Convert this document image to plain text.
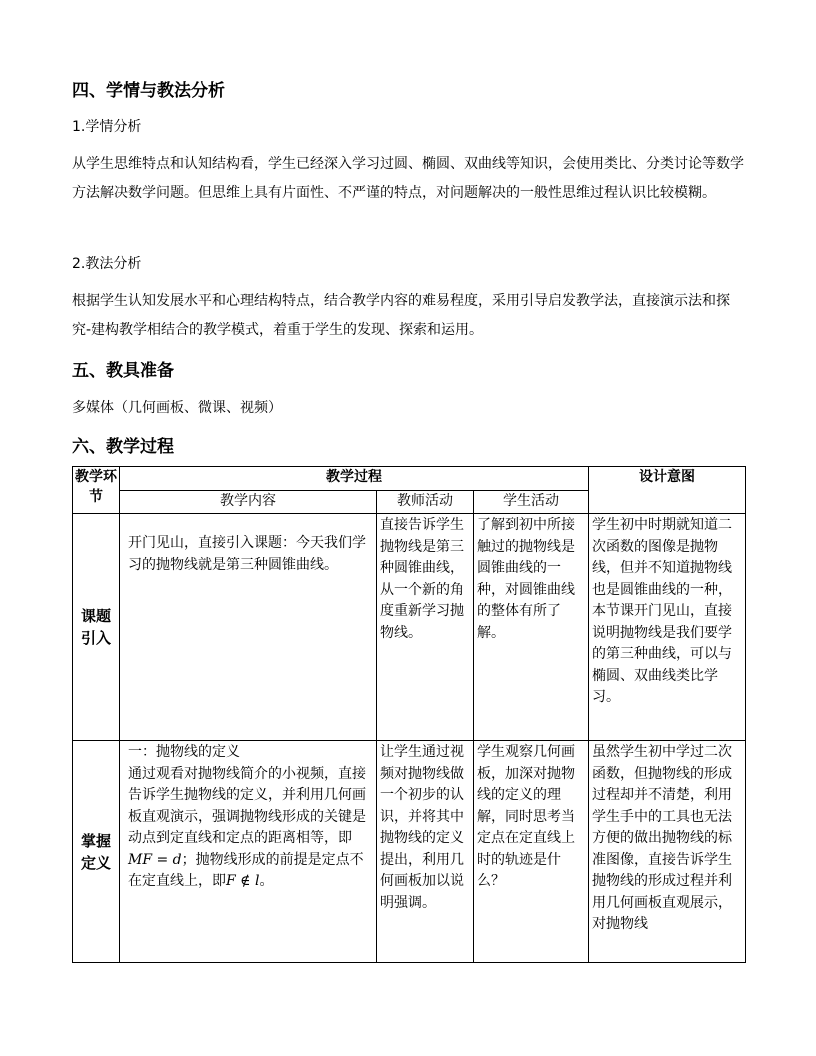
四、学情与教法分析
1.学情分析
从学生思维特点和认知结构看，学生已经深入学习过圆、椭圆、双曲线等知识，会使用类比、分类讨论等数学方法解决数学问题。但思维上具有片面性、不严谨的特点，对问题解决的一般性思维过程认识比较模糊。
2.教法分析
根据学生认知发展水平和心理结构特点，结合教学内容的难易程度，采用引导启发教学法，直接演示法和探究-建构教学相结合的教学模式，着重于学生的发现、探索和运用。
五、教具准备
多媒体（几何画板、微课、视频）
六、教学过程
教学环节	教学过程			设计意图
	教学内容	教师活动	学生活动	
课题引入	开门见山，直接引入课题：今天我们学习的抛物线就是第三种圆锥曲线。	直接告诉学生抛物线是第三种圆锥曲线，从一个新的角度重新学习抛物线。	了解到初中所接触过的抛物线是圆锥曲线的一种，对圆锥曲线的整体有所了解。	学生初中时期就知道二次函数的图像是抛物线，但并不知道抛物线也是圆锥曲线的一种，本节课开门见山，直接说明抛物线是我们要学的第三种曲线，可以与椭圆、双曲线类比学习。
掌握定义	一：抛物线的定义
通过观看对抛物线简介的小视频，直接告诉学生抛物线的定义，并利用几何画板直观演示，强调抛物线形成的关键是动点到定直线和定点的距离相等，即MF = d；抛物线形成的前提是定点不在定直线上，即F ∉ l。	让学生通过视频对抛物线做一个初步的认识，并将其中抛物线的定义提出，利用几何画板加以说明强调。	学生观察几何画板，加深对抛物线的定义的理解，同时思考当定点在定直线上时的轨迹是什么？	虽然学生初中学过二次函数，但抛物线的形成过程却并不清楚，利用学生手中的工具也无法方便的做出抛物线的标准图像，直接告诉学生抛物线的形成过程并利用几何画板直观展示，对抛物线
